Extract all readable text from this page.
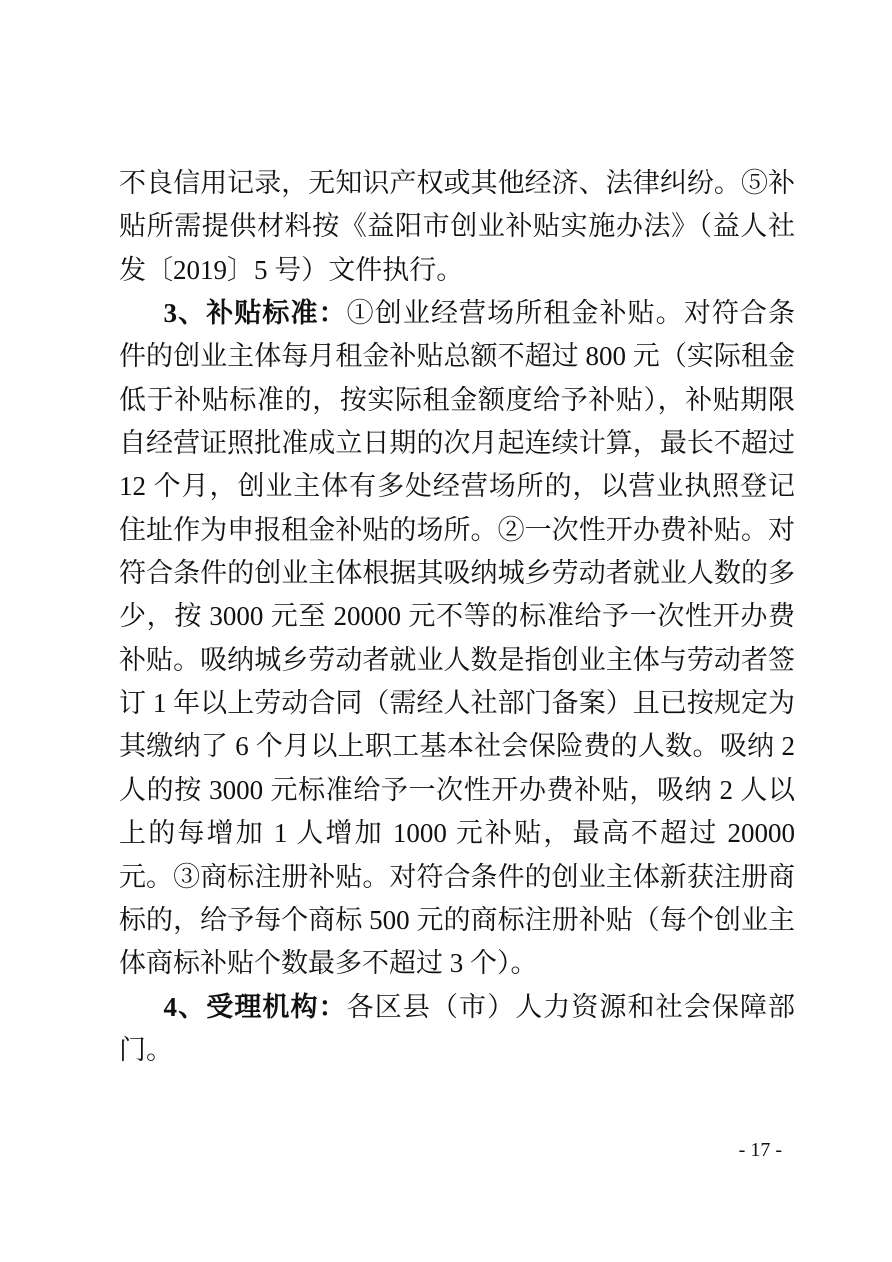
不良信用记录，无知识产权或其他经济、法律纠纷。⑤补贴所需提供材料按《益阳市创业补贴实施办法》（益人社发〔2019〕5 号）文件执行。

3、补贴标准：①创业经营场所租金补贴。对符合条件的创业主体每月租金补贴总额不超过 800 元（实际租金低于补贴标准的，按实际租金额度给予补贴），补贴期限自经营证照批准成立日期的次月起连续计算，最长不超过 12 个月，创业主体有多处经营场所的，以营业执照登记住址作为申报租金补贴的场所。②一次性开办费补贴。对符合条件的创业主体根据其吸纳城乡劳动者就业人数的多少，按 3000 元至 20000 元不等的标准给予一次性开办费补贴。吸纳城乡劳动者就业人数是指创业主体与劳动者签订 1 年以上劳动合同（需经人社部门备案）且已按规定为其缴纳了 6 个月以上职工基本社会保险费的人数。吸纳 2 人的按 3000 元标准给予一次性开办费补贴，吸纳 2 人以上的每增加 1 人增加 1000 元补贴，最高不超过 20000 元。③商标注册补贴。对符合条件的创业主体新获注册商标的，给予每个商标 500 元的商标注册补贴（每个创业主体商标补贴个数最多不超过 3 个）。

4、受理机构：各区县（市）人力资源和社会保障部门。

- 17 -
